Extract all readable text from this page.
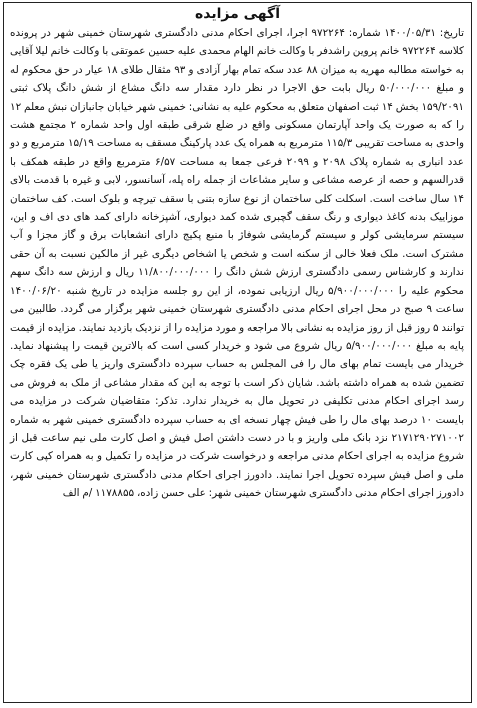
آگهی مزایده

تاریخ: ۱۴۰۰/۰۵/۳۱ شماره: ۹۷۲۲۶۴ اجرا، اجرای احکام مدنی دادگستری شهرستان خمینی شهر در پرونده کلاسه ۹۷۲۲۶۴ خانم پروین راشدفر با وکالت خانم الهام محمدی علیه حسین عموتقی با وکالت خانم لیلا آقایی به خواسته مطالبه مهریه به میزان ۸۸ عدد سکه تمام بهار آزادی و ۹۳ مثقال طلای ۱۸ عیار در حق محکوم له و مبلغ ۵۰/۰۰۰/۰۰۰ ریال بابت حق الاجرا در نظر دارد مقدار سه دانگ مشاع از شش دانگ پلاک ثبتی ۱۵۹/۲۰۹۱ بخش ۱۴ ثبت اصفهان متعلق به محکوم علیه به نشانی: خمینی شهر خیابان جانبازان نبش معلم ۱۲ را که به صورت یک واحد آپارتمان مسکونی واقع در ضلع شرقی طبقه اول واحد شماره ۲ مجتمع هشت واحدی به مساحت تقریبی ۱۱۵/۳ مترمربع به همراه یک عدد پارکینگ مسقف به مساحت ۱۵/۱۹ مترمربع و دو عدد انباری به شماره پلاک ۲۰۹۸ و ۲۰۹۹ فرعی جمعا به مساحت ۶/۵۷ مترمربع واقع در طبقه همکف با قدرالسهم و حصه از عرصه مشاعی و سایر مشاعات از جمله راه پله، آسانسور، لابی و غیره با قدمت بالای ۱۴ سال ساخت است. اسکلت کلی ساختمان از نوع سازه بتنی با سقف تیرچه و بلوک است. کف ساختمان موزاییک بدنه کاغذ دیواری و رنگ سقف گچبری شده کمد دیواری، آشپزخانه دارای کمد های دی اف و این، سیستم سرمایشی کولر و سیستم گرمایشی شوفاژ با منبع پکیج دارای انشعابات برق و گاز مجزا و آب مشترک است. ملک فعلا خالی از سکنه است و شخص یا اشخاص دیگری غیر از مالکین نسبت به آن حقی ندارند و کارشناس رسمی دادگستری ارزش شش دانگ را ۱۱/۸۰۰/۰۰۰/۰۰۰ ریال و ارزش سه دانگ سهم محکوم علیه را ۵/۹۰۰/۰۰۰/۰۰۰ ریال ارزیابی نموده، از این رو جلسه مزایده در تاریخ شنبه ۱۴۰۰/۰۶/۲۰ ساعت ۹ صبح در محل اجرای احکام مدنی دادگستری شهرستان خمینی شهر برگزار می گردد. طالبین می توانند ۵ روز قبل از روز مزایده به نشانی بالا مراجعه و مورد مزایده را از نزدیک بازدید نمایند. مزایده از قیمت پایه به مبلغ ۵/۹۰۰/۰۰۰/۰۰۰ ریال شروع می شود و خریدار کسی است که بالاترین قیمت را پیشنهاد نماید. خریدار می بایست تمام بهای مال را فی المجلس به حساب سپرده دادگستری واریز یا طی یک فقره چک تضمین شده به همراه داشته باشد. شایان ذکر است با توجه به این که مقدار مشاعی از ملک به فروش می رسد اجرای احکام مدنی تکلیفی در تحویل مال به خریدار ندارد. تذکر: متقاضیان شرکت در مزایده می بایست ۱۰ درصد بهای مال را طی فیش چهار نسخه ای به حساب سپرده دادگستری خمینی شهر به شماره ۲۱۷۱۲۹۰۲۷۱۰۰۲ نزد بانک ملی واریز و با در دست داشتن اصل فیش و اصل کارت ملی نیم ساعت قبل از شروع مزایده به اجرای احکام مدنی مراجعه و درخواست شرکت در مزایده را تکمیل و به همراه کپی کارت ملی و اصل فیش سپرده تحویل اجرا نمایند. دادورز اجرای احکام مدنی دادگستری شهرستان خمینی شهر، دادورز اجرای احکام مدنی دادگستری شهرستان خمینی شهر: علی حسن زاده، ۱۱۷۸۸۵۵ /م الف
